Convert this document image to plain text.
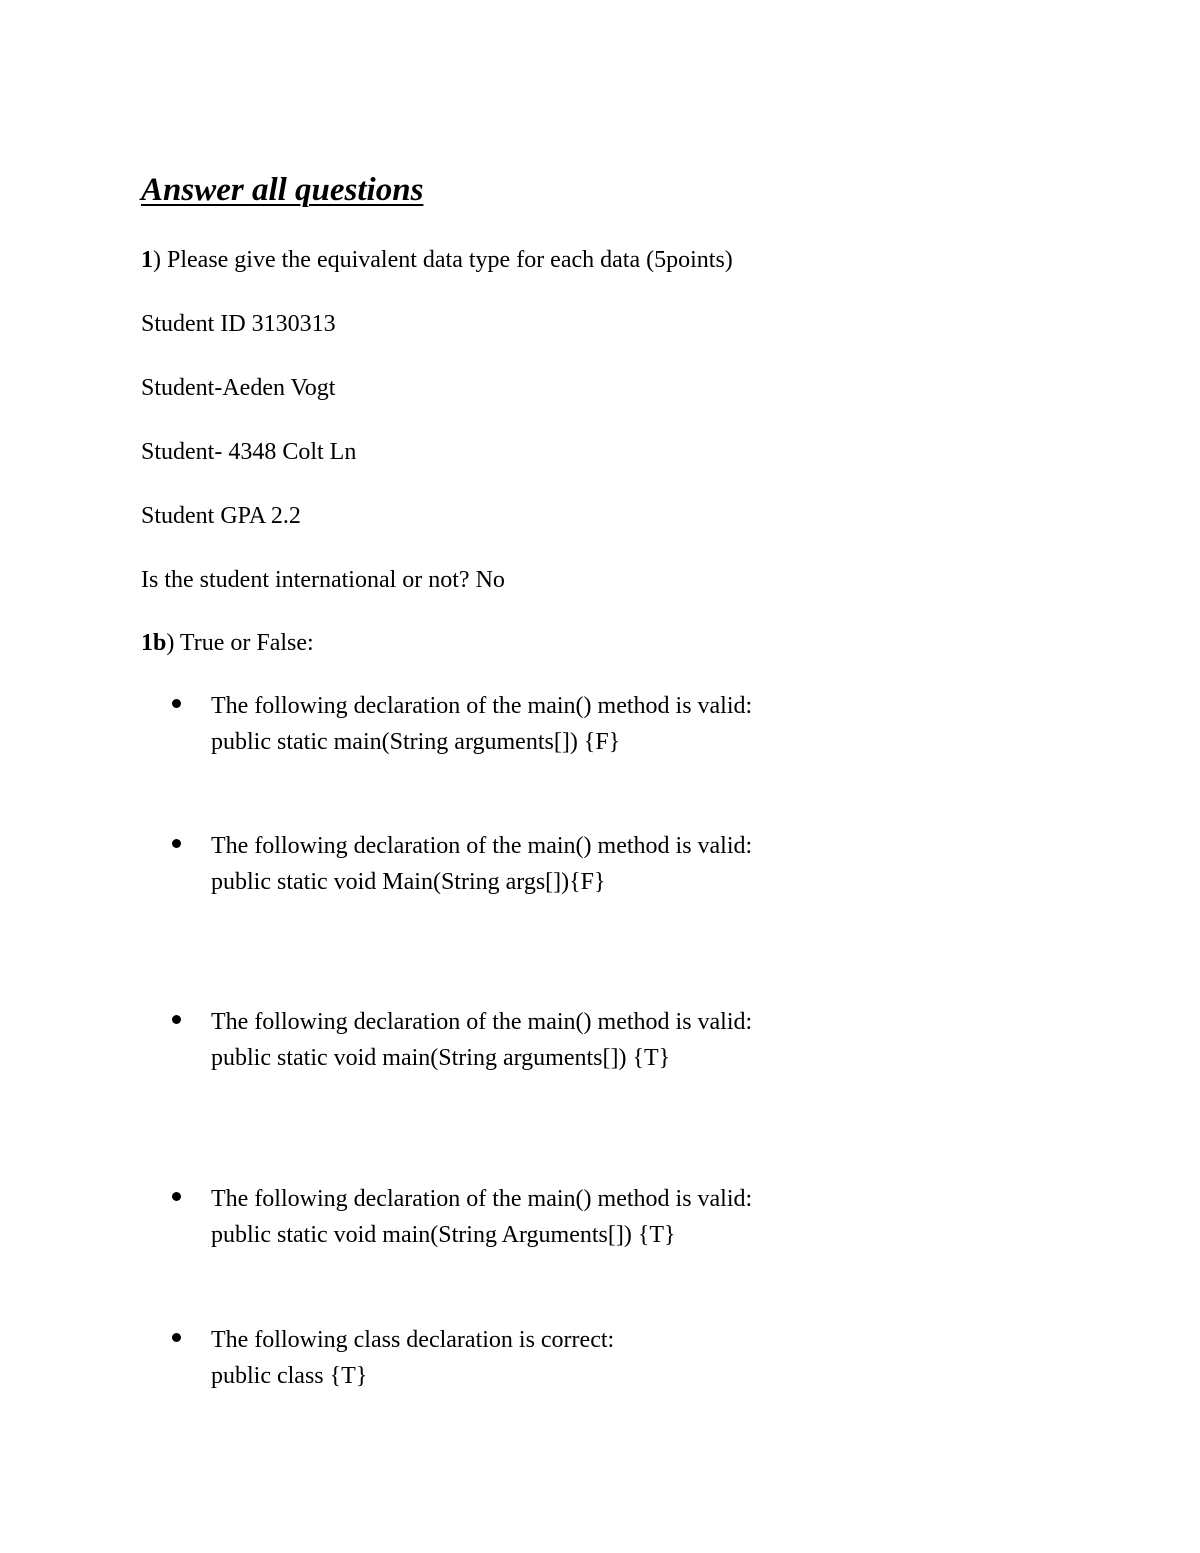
Answer all questions

1) Please give the equivalent data type for each data (5points)

Student ID 3130313

Student-Aeden Vogt

Student- 4348 Colt Ln

Student GPA 2.2

Is the student international or not? No

1b) True or False:

The following declaration of the main() method is valid:
public static main(String arguments[]) {F}
The following declaration of the main() method is valid:
public static void Main(String args[]){F}
The following declaration of the main() method is valid:
public static void main(String arguments[]) {T}
The following declaration of the main() method is valid:
public static void main(String Arguments[]) {T}
The following class declaration is correct:
public class {T}
